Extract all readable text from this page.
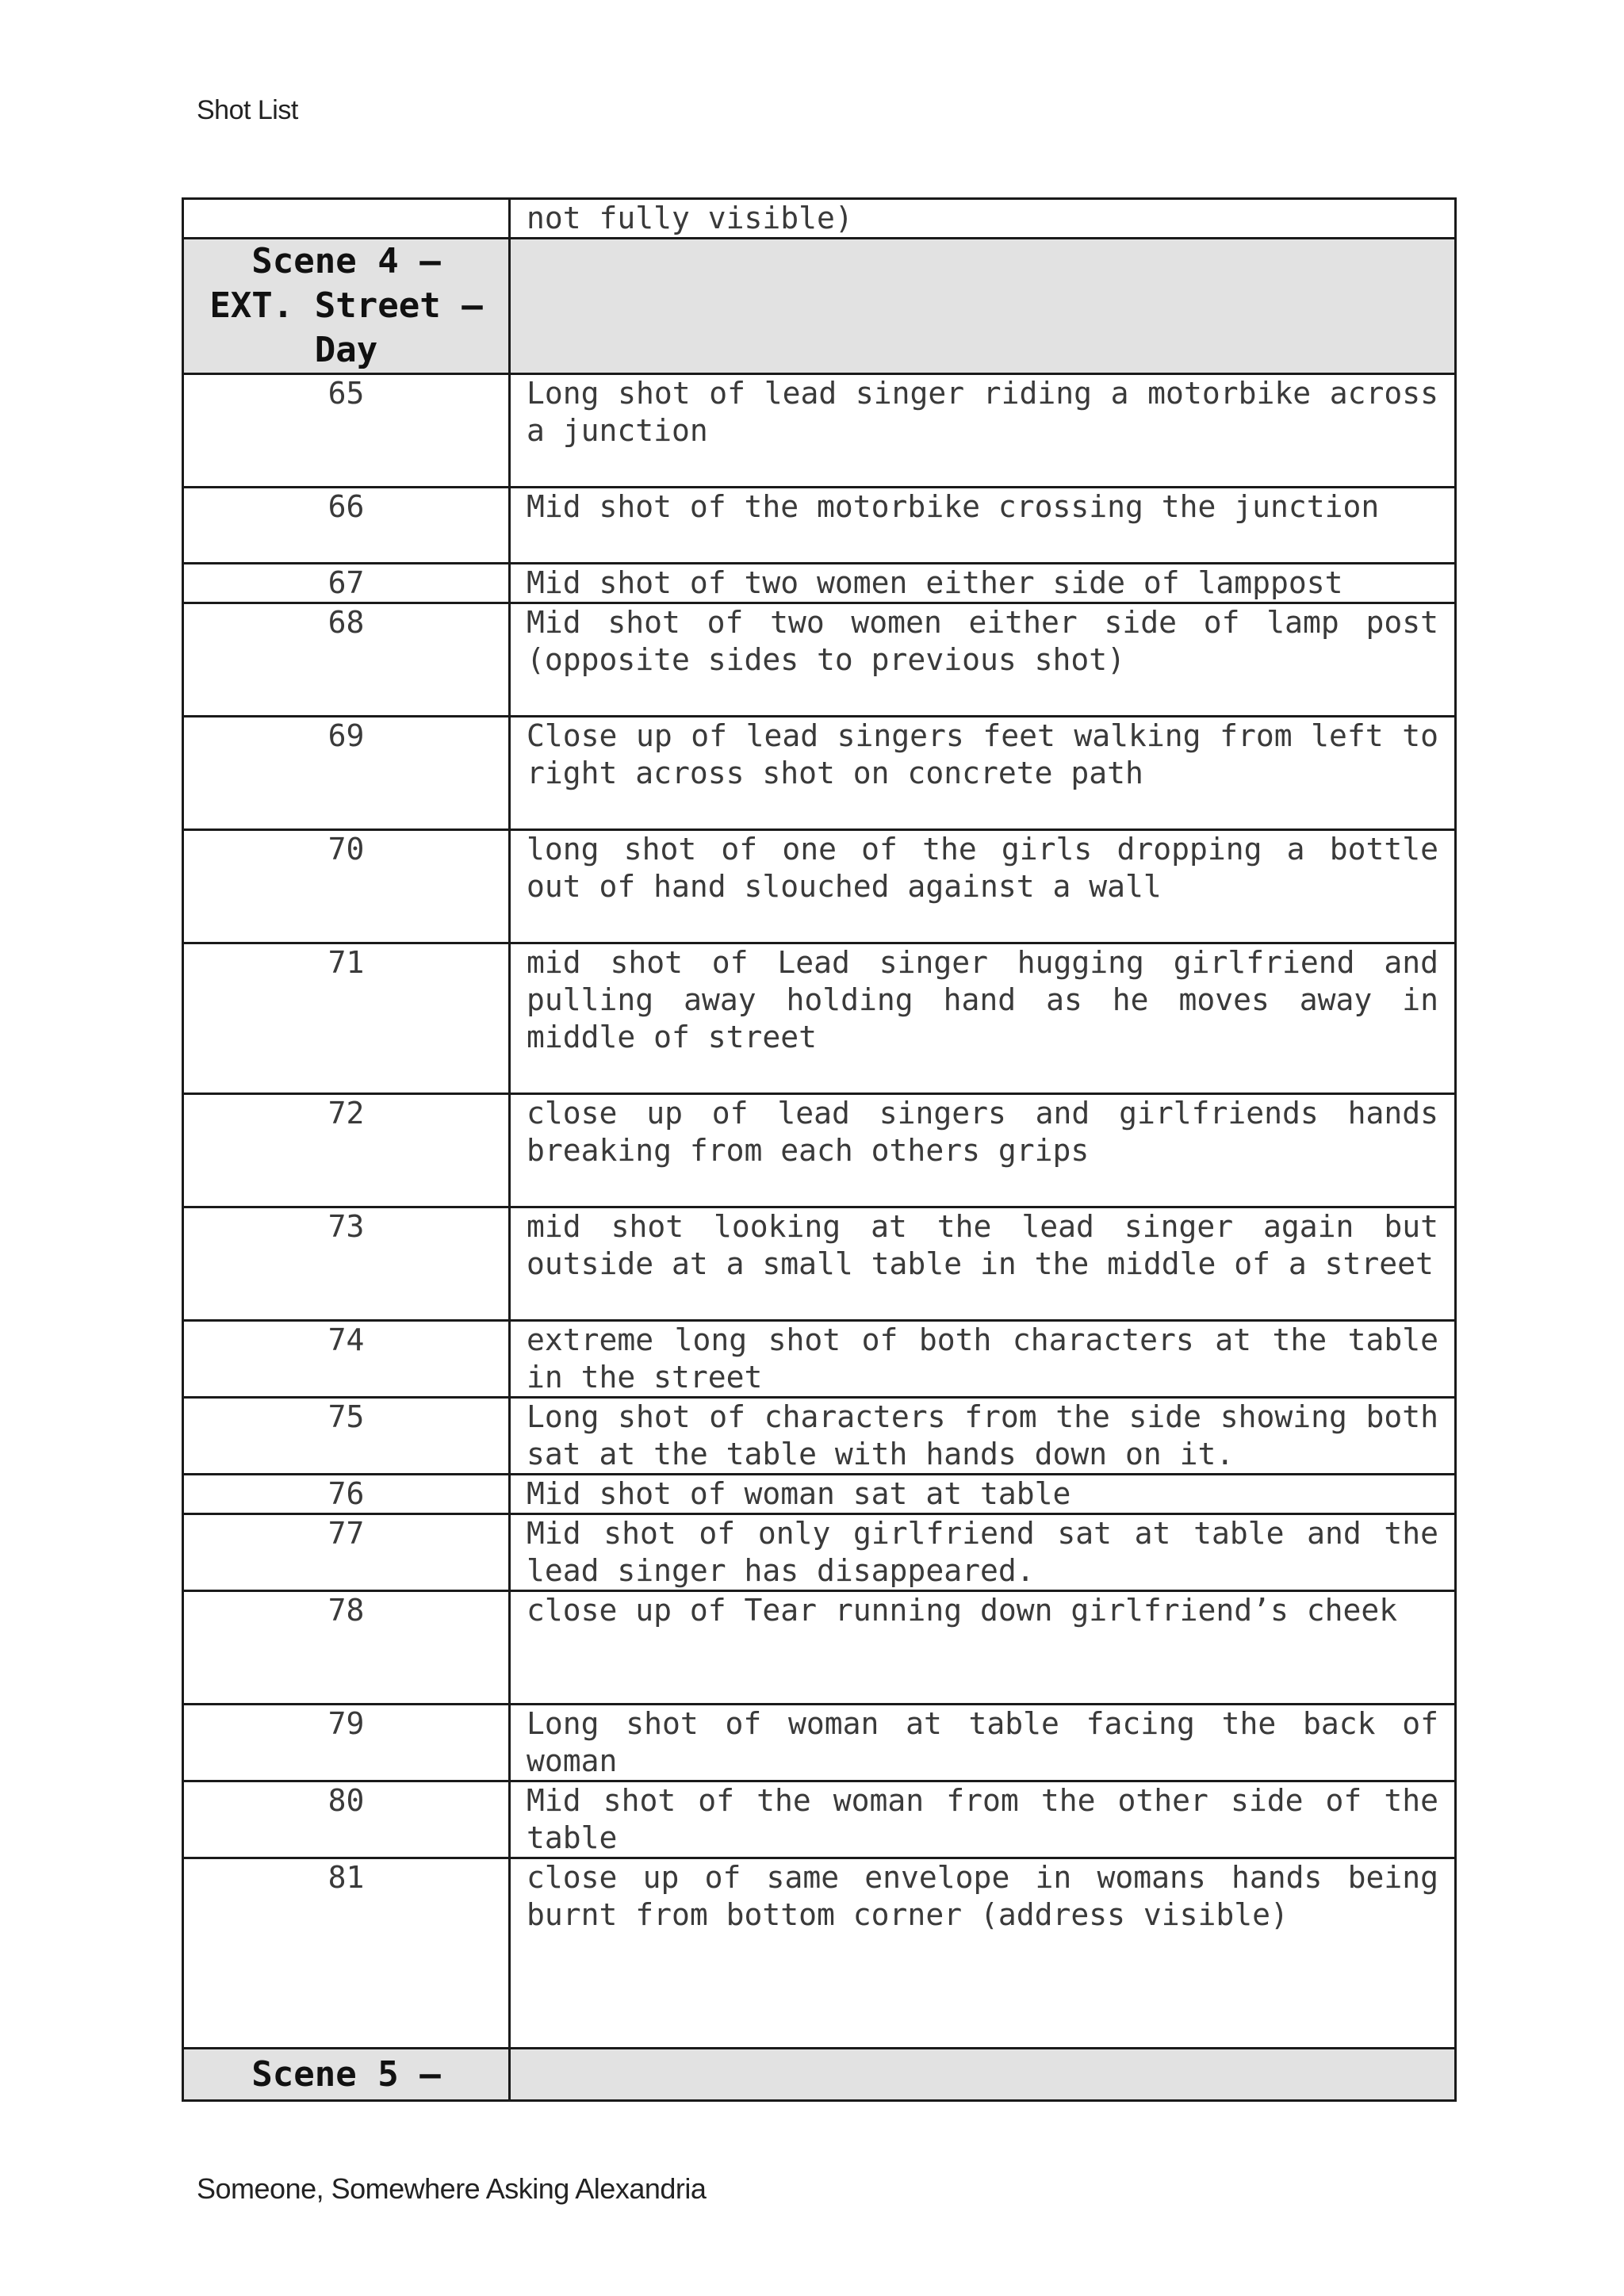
Shot List
	not fully visible)
Scene 4 – EXT. Street – Day	
65	Long shot of lead singer riding a motorbike across a junction
66	Mid shot of the motorbike crossing the junction
67	Mid shot of two women either side of lamppost
68	Mid shot of two women either side of lamp post (opposite sides to previous shot)
69	Close up of lead singers feet walking from left to right across shot on concrete path
70	long shot of one of the girls dropping a bottle out of hand slouched against a wall
71	mid shot of Lead singer hugging girlfriend and pulling away holding hand as he moves away in middle of street
72	close up of lead singers and girlfriends hands breaking from each others grips
73	mid shot looking at the lead singer again but outside at a small table in the middle of a street
74	extreme long shot of both characters at the table in the street
75	Long shot of characters from the side showing both sat at the table with hands down on it.
76	Mid shot of woman sat at table
77	Mid shot of only girlfriend sat at table and the lead singer has disappeared.
78	close up of Tear running down girlfriend’s cheek
79	Long shot of woman at table facing the back of woman
80	Mid shot of the woman from the other side of the table
81	close up of same envelope in womans hands being burnt from bottom corner (address visible)
Scene 5 –	
Someone, Somewhere Asking Alexandria
